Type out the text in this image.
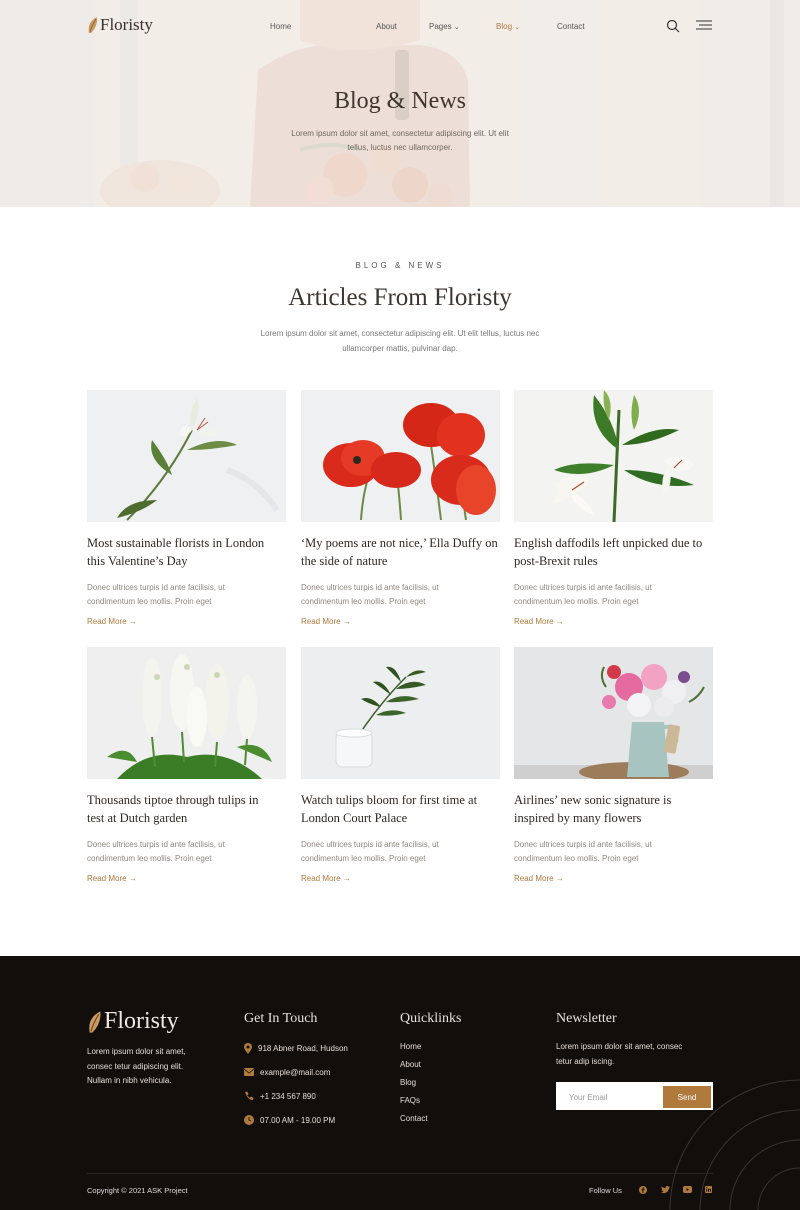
Floristy	Home	About	Pages ⌄	Blog ⌄	Contact
Blog & News
Lorem ipsum dolor sit amet, consectetur adipiscing elit. Ut elit
tellus, luctus nec ullamcorper.
BLOG & NEWS
Articles From Floristy
Lorem ipsum dolor sit amet, consectetur adipiscing elit. Ut elit tellus, luctus nec
ullamcorper mattis, pulvinar dap.
Most sustainable florists in London
this Valentine’s Day
Donec ultrices turpis id ante facilisis, ut
condimentum leo mollis. Proin eget
Read More →
‘My poems are not nice,’ Ella Duffy on
the side of nature
Donec ultrices turpis id ante facilisis, ut
condimentum leo mollis. Proin eget
Read More →
English daffodils left unpicked due to
post-Brexit rules
Donec ultrices turpis id ante facilisis, ut
condimentum leo mollis. Proin eget
Read More →
Thousands tiptoe through tulips in
test at Dutch garden
Donec ultrices turpis id ante facilisis, ut
condimentum leo mollis. Proin eget
Read More →
Watch tulips bloom for first time at
London Court Palace
Donec ultrices turpis id ante facilisis, ut
condimentum leo mollis. Proin eget
Read More →
Airlines’ new sonic signature is
inspired by many flowers
Donec ultrices turpis id ante facilisis, ut
condimentum leo mollis. Proin eget
Read More →
Floristy
Lorem ipsum dolor sit amet,
consec tetur adipiscing elit.
Nullam in nibh vehicula.
Get In Touch
918 Abner Road, Hudson
example@mail.com
+1 234 567 890
07.00 AM - 19.00 PM
Quicklinks
Home
About
Blog
FAQs
Contact
Newsletter
Lorem ipsum dolor sit amet, consec
tetur adip iscing.
Your Email
Send
Copyright © 2021 ASK Project	Follow Us
